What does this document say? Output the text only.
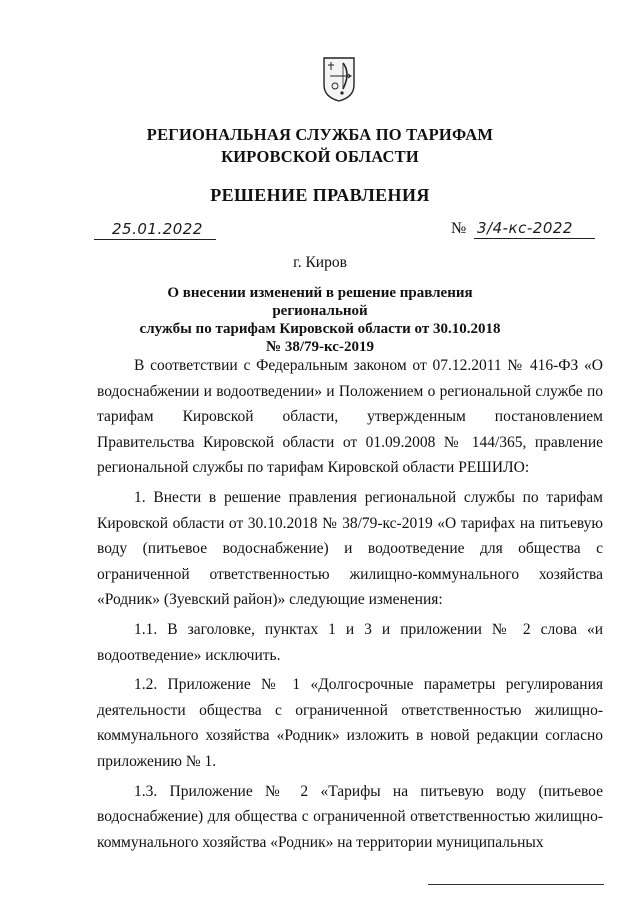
РЕГИОНАЛЬНАЯ СЛУЖБА ПО ТАРИФАМ
КИРОВСКОЙ ОБЛАСТИ
РЕШЕНИЕ ПРАВЛЕНИЯ
25.01.2022	№ 3/4-кс-2022
г. Киров
О внесении изменений в решение правления региональной
службы по тарифам Кировской области от 30.10.2018
№ 38/79-кс-2019

В соответствии с Федеральным законом от 07.12.2011 № 416-ФЗ «О водоснабжении и водоотведении» и Положением о региональной службе по тарифам Кировской области, утвержденным постановлением Правительства Кировской области от 01.09.2008 № 144/365, правление региональной службы по тарифам Кировской области РЕШИЛО:

1. Внести в решение правления региональной службы по тарифам Кировской области от 30.10.2018 № 38/79-кс-2019 «О тарифах на питьевую воду (питьевое водоснабжение) и водоотведение для общества с ограниченной ответственностью жилищно-коммунального хозяйства «Родник» (Зуевский район)» следующие изменения:

1.1. В заголовке, пунктах 1 и 3 и приложении № 2 слова «и водоотведение» исключить.

1.2. Приложение № 1 «Долгосрочные параметры регулирования деятельности общества с ограниченной ответственностью жилищно-коммунального хозяйства «Родник» изложить в новой редакции согласно приложению № 1.

1.3. Приложение № 2 «Тарифы на питьевую воду (питьевое водоснабжение) для общества с ограниченной ответственностью жилищно-коммунального хозяйства «Родник» на территории муниципальных
